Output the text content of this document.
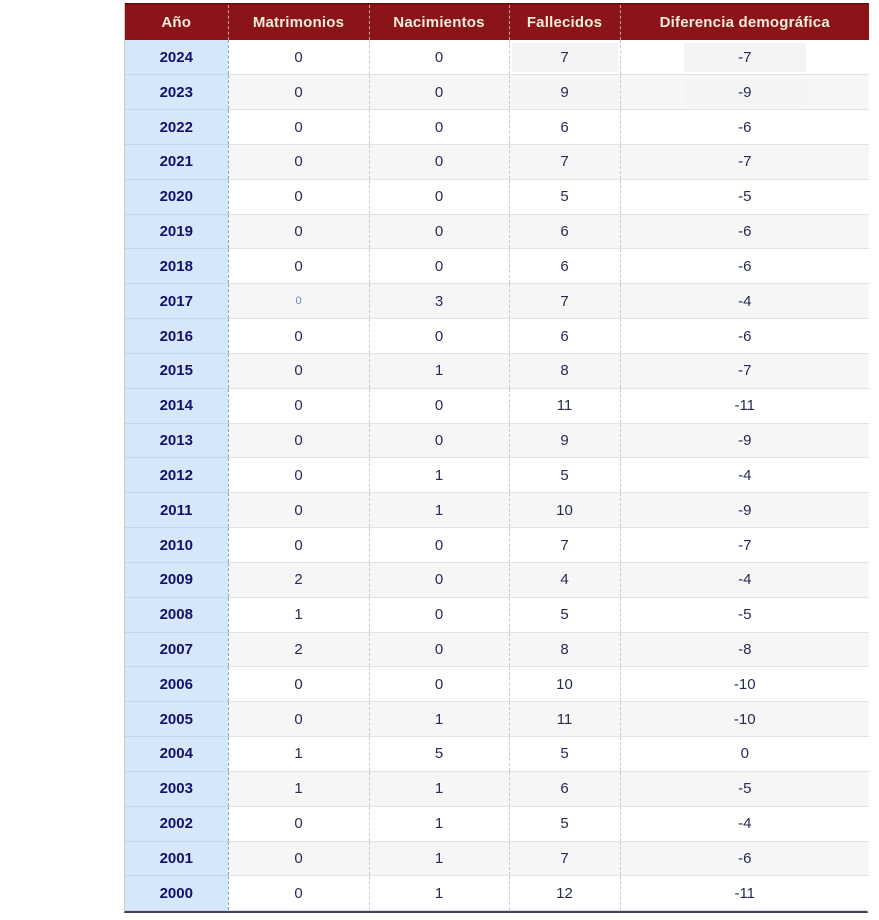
Año	Matrimonios	Nacimientos	Fallecidos	Diferencia demográfica
2024	0	0	7	-7
2023	0	0	9	-9
2022	0	0	6	-6
2021	0	0	7	-7
2020	0	0	5	-5
2019	0	0	6	-6
2018	0	0	6	-6
2017	0	3	7	-4
2016	0	0	6	-6
2015	0	1	8	-7
2014	0	0	11	-11
2013	0	0	9	-9
2012	0	1	5	-4
2011	0	1	10	-9
2010	0	0	7	-7
2009	2	0	4	-4
2008	1	0	5	-5
2007	2	0	8	-8
2006	0	0	10	-10
2005	0	1	11	-10
2004	1	5	5	0
2003	1	1	6	-5
2002	0	1	5	-4
2001	0	1	7	-6
2000	0	1	12	-11
